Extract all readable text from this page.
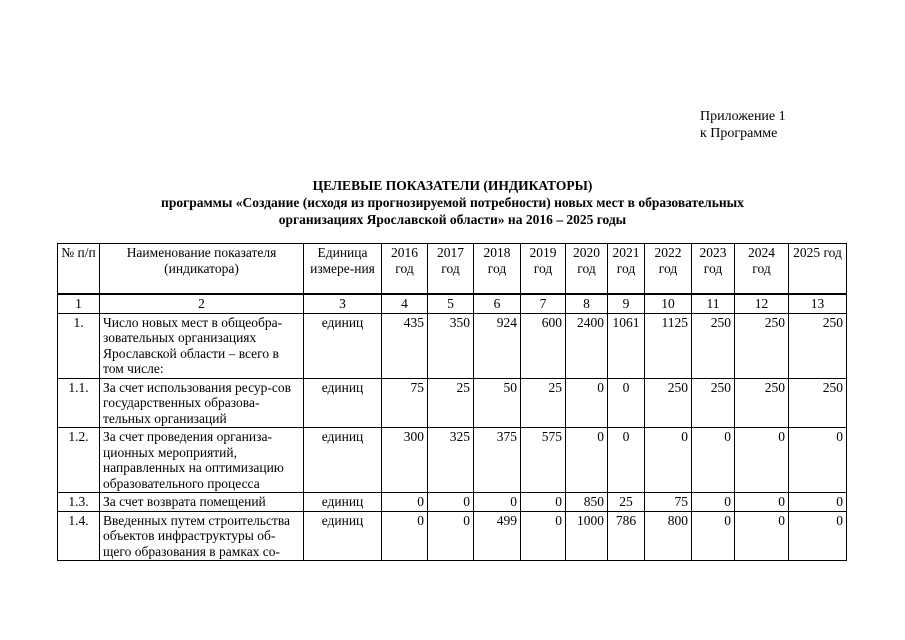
Приложение 1
к Программе
ЦЕЛЕВЫЕ ПОКАЗАТЕЛИ (ИНДИКАТОРЫ)
программы «Создание (исходя из прогнозируемой потребности) новых мест в образовательных
организациях Ярославской области» на 2016 – 2025 годы
№ п/п	Наименование показателя (индикатора)	Единица измере-ния	2016 год	2017 год	2018 год	2019 год	2020 год	2021 год	2022 год	2023 год	2024 год	2025 год
1	2	3	4	5	6	7	8	9	10	11	12	13
1.	Число новых мест в общеобра-зовательных организациях Ярославской области – всего в том числе:	единиц	435	350	924	600	2400	1061	1125	250	250	250
1.1.	За счет использования ресур-сов государственных образова-тельных организаций	единиц	75	25	50	25	0	0	250	250	250	250
1.2.	За счет проведения организа-ционных мероприятий, направленных на оптимизацию образовательного процесса	единиц	300	325	375	575	0	0	0	0	0	0
1.3.	За счет возврата помещений	единиц	0	0	0	0	850	25	75	0	0	0
1.4.	Введенных путем строительства объектов инфраструктуры об-щего образования в рамках со-	единиц	0	0	499	0	1000	786	800	0	0	0
